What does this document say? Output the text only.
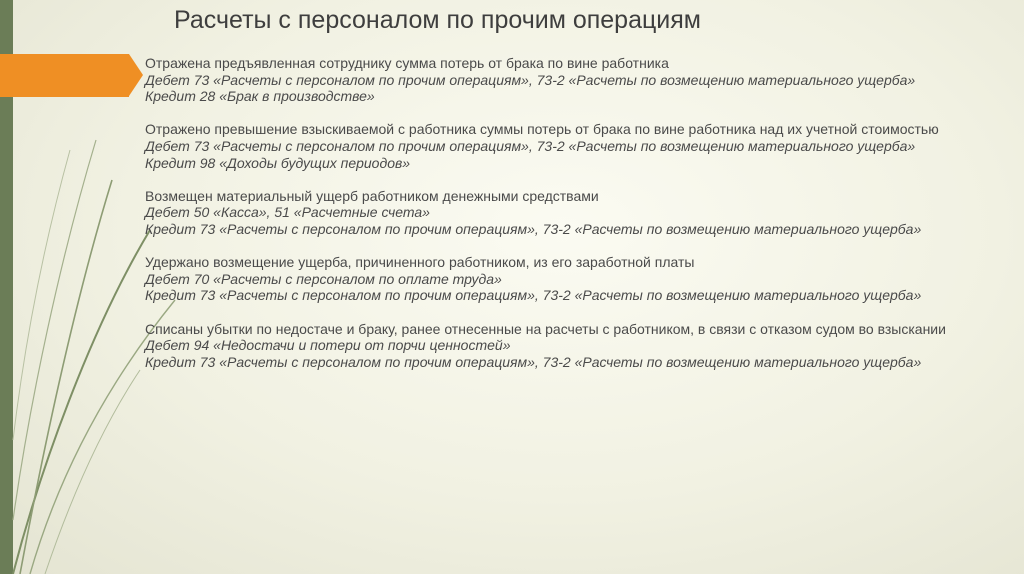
Расчеты с персоналом по прочим операциям

Отражена предъявленная сотруднику сумма потерь от брака по вине работника

Дебет 73 «Расчеты с персоналом по прочим операциям», 73-2 «Расчеты по возмещению материального ущерба»

Кредит 28 «Брак в производстве»

Отражено превышение взыскиваемой с работника суммы потерь от брака по вине работника над их учетной стоимостью

Дебет 73 «Расчеты с персоналом по прочим операциям», 73-2 «Расчеты по возмещению материального ущерба»

Кредит 98 «Доходы будущих периодов»

Возмещен материальный ущерб работником денежными средствами

Дебет 50 «Касса», 51 «Расчетные счета»

Кредит 73 «Расчеты с персоналом по прочим операциям», 73-2 «Расчеты по возмещению материального ущерба»

Удержано возмещение ущерба, причиненного работником, из его заработной платы

Дебет 70 «Расчеты с персоналом по оплате труда»

Кредит 73 «Расчеты с персоналом по прочим операциям», 73-2 «Расчеты по возмещению материального ущерба»

Списаны убытки по недостаче и браку, ранее отнесенные на расчеты с работником, в связи с отказом судом во взыскании

Дебет 94 «Недостачи и потери от порчи ценностей»

Кредит 73 «Расчеты с персоналом по прочим операциям», 73-2 «Расчеты по возмещению материального ущерба»
